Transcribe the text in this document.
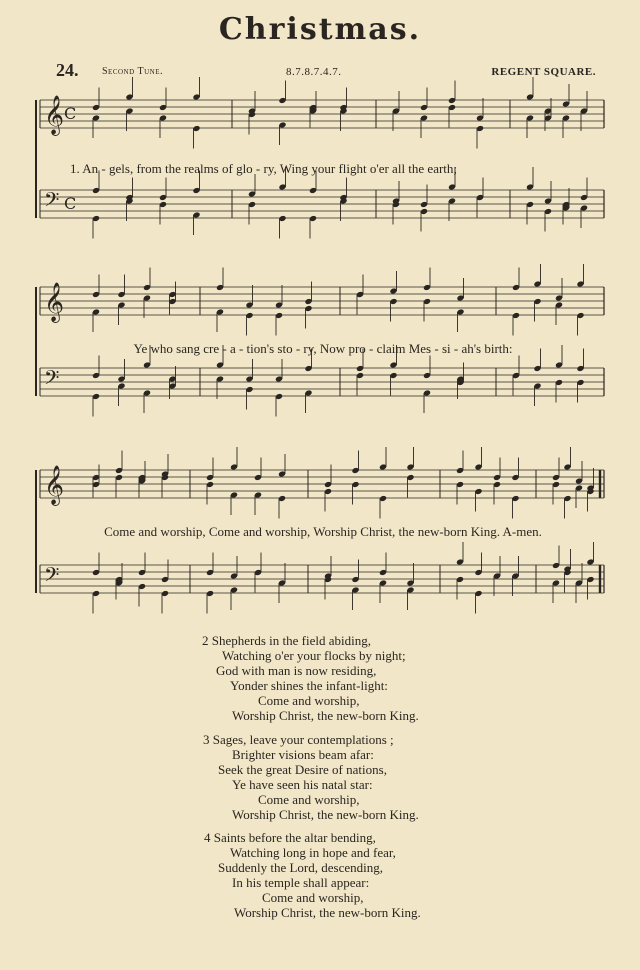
Christmas.
24. Second Tune.	8.7.8.7.4.7.	REGENT SQUARE.
𝄞 C
𝄢 C
𝄞
𝄢
𝄞
𝄢
1. An - gels, from the realms of glo - ry, Wing your flight o'er all the earth;
Ye who sang cre - a - tion's sto - ry, Now pro - claim Mes - si - ah's birth:
Come and worship, Come and worship, Worship Christ, the new-born King. A-men.
2 Shepherds in the field abiding,
Watching o'er your flocks by night;
God with man is now residing,
Yonder shines the infant-light:
Come and worship,
Worship Christ, the new-born King.
3 Sages, leave your contemplations ;
Brighter visions beam afar:
Seek the great Desire of nations,
Ye have seen his natal star:
Come and worship,
Worship Christ, the new-born King.
4 Saints before the altar bending,
Watching long in hope and fear,
Suddenly the Lord, descending,
In his temple shall appear:
Come and worship,
Worship Christ, the new-born King.
